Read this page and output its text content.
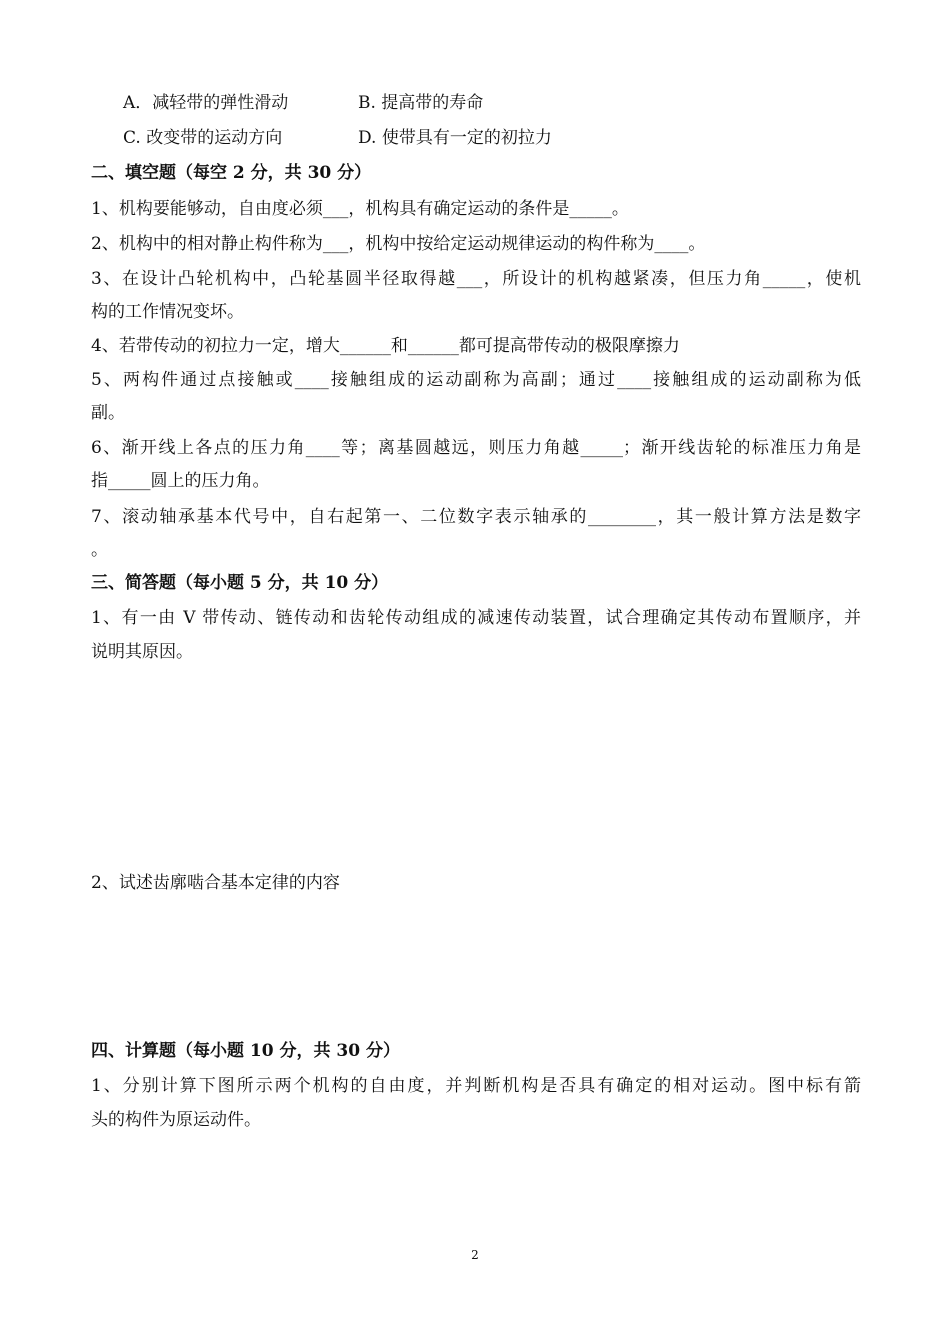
A．减轻带的弹性滑动	B. 提高带的寿命
C. 改变带的运动方向	D. 使带具有一定的初拉力
二、填空题（每空 2 分，共 30 分）
1、机构要能够动，自由度必须___，机构具有确定运动的条件是_____。
2、机构中的相对静止构件称为___，机构中按给定运动规律运动的构件称为____。
3、在设计凸轮机构中，凸轮基圆半径取得越___，所设计的机构越紧凑，但压力角_____，使机
构的工作情况变坏。
4、若带传动的初拉力一定，增大______和______都可提高带传动的极限摩擦力
5、两构件通过点接触或____接触组成的运动副称为高副；通过____接触组成的运动副称为低
副。
6、渐开线上各点的压力角____等；离基圆越远，则压力角越_____；渐开线齿轮的标准压力角是
指_____圆上的压力角。
7、滚动轴承基本代号中，自右起第一、二位数字表示轴承的________，其一般计算方法是数字
。
三、简答题（每小题 5 分，共 10 分）
1、有一由 V 带传动、链传动和齿轮传动组成的减速传动装置，试合理确定其传动布置顺序，并
说明其原因。
2、试述齿廓啮合基本定律的内容
四、计算题（每小题 10 分，共 30 分）
1、分别计算下图所示两个机构的自由度，并判断机构是否具有确定的相对运动。图中标有箭
头的构件为原运动件。
2
